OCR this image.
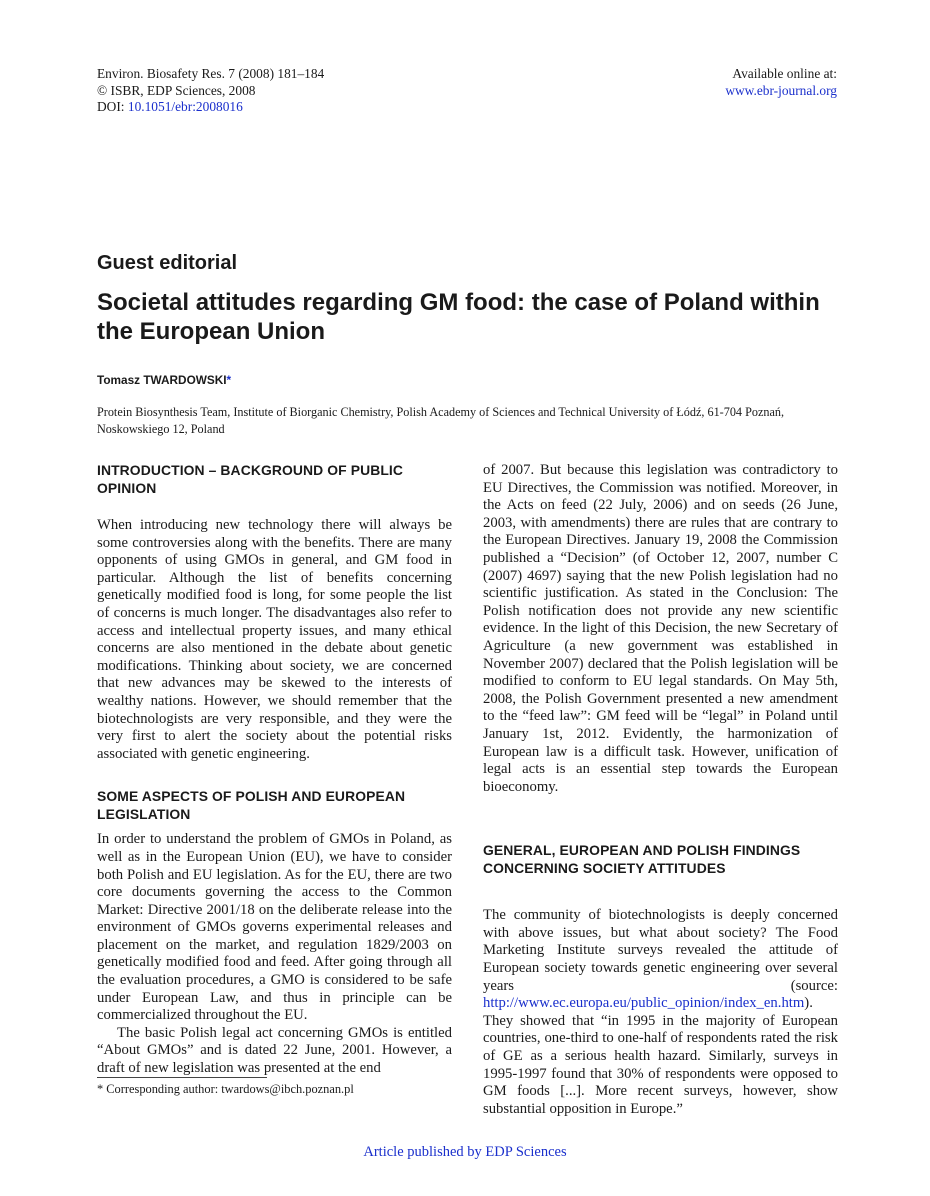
Environ. Biosafety Res. 7 (2008) 181–184
© ISBR, EDP Sciences, 2008
DOI: 10.1051/ebr:2008016
Available online at:
www.ebr-journal.org
Guest editorial
Societal attitudes regarding GM food: the case of Poland within the European Union
Tomasz TWARDOWSKI*
Protein Biosynthesis Team, Institute of Biorganic Chemistry, Polish Academy of Sciences and Technical University of Łódź, 61-704 Poznań, Noskowskiego 12, Poland
INTRODUCTION – BACKGROUND OF PUBLIC OPINION

When introducing new technology there will always be some controversies along with the benefits. There are many opponents of using GMOs in general, and GM food in particular. Although the list of benefits concerning genetically modified food is long, for some people the list of concerns is much longer. The disadvantages also refer to access and intellectual property issues, and many ethical concerns are also mentioned in the debate about genetic modifications. Thinking about society, we are concerned that new advances may be skewed to the interests of wealthy nations. However, we should remember that the biotechnologists are very responsible, and they were the very first to alert the society about the potential risks associated with genetic engineering.

SOME ASPECTS OF POLISH AND EUROPEAN LEGISLATION

In order to understand the problem of GMOs in Poland, as well as in the European Union (EU), we have to consider both Polish and EU legislation. As for the EU, there are two core documents governing the access to the Common Market: Directive 2001/18 on the deliberate release into the environment of GMOs governs experimental releases and placement on the market, and regulation 1829/2003 on genetically modified food and feed. After going through all the evaluation procedures, a GMO is considered to be safe under European Law, and thus in principle can be commercialized throughout the EU.

The basic Polish legal act concerning GMOs is entitled “About GMOs” and is dated 22 June, 2001. However, a draft of new legislation was presented at the end

of 2007. But because this legislation was contradictory to EU Directives, the Commission was notified. Moreover, in the Acts on feed (22 July, 2006) and on seeds (26 June, 2003, with amendments) there are rules that are contrary to the European Directives. January 19, 2008 the Commission published a “Decision” (of October 12, 2007, number C (2007) 4697) saying that the new Polish legislation had no scientific justification. As stated in the Conclusion: The Polish notification does not provide any new scientific evidence. In the light of this Decision, the new Secretary of Agriculture (a new government was established in November 2007) declared that the Polish legislation will be modified to conform to EU legal standards. On May 5th, 2008, the Polish Government presented a new amendment to the “feed law”: GM feed will be “legal” in Poland until January 1st, 2012. Evidently, the harmonization of European law is a difficult task. However, unification of legal acts is an essential step towards the European bioeconomy.

GENERAL, EUROPEAN AND POLISH FINDINGS CONCERNING SOCIETY ATTITUDES

The community of biotechnologists is deeply concerned with above issues, but what about society? The Food Marketing Institute surveys revealed the attitude of European society towards genetic engineering over several years (source: http://www.ec.europa.eu/public_opinion/index_en.htm). They showed that “in 1995 in the majority of European countries, one-third to one-half of respondents rated the risk of GE as a serious health hazard. Similarly, surveys in 1995-1997 found that 30% of respondents were opposed to GM foods [...]. More recent surveys, however, show substantial opposition in Europe.”

* Corresponding author: twardows@ibch.poznan.pl
Article published by EDP Sciences
